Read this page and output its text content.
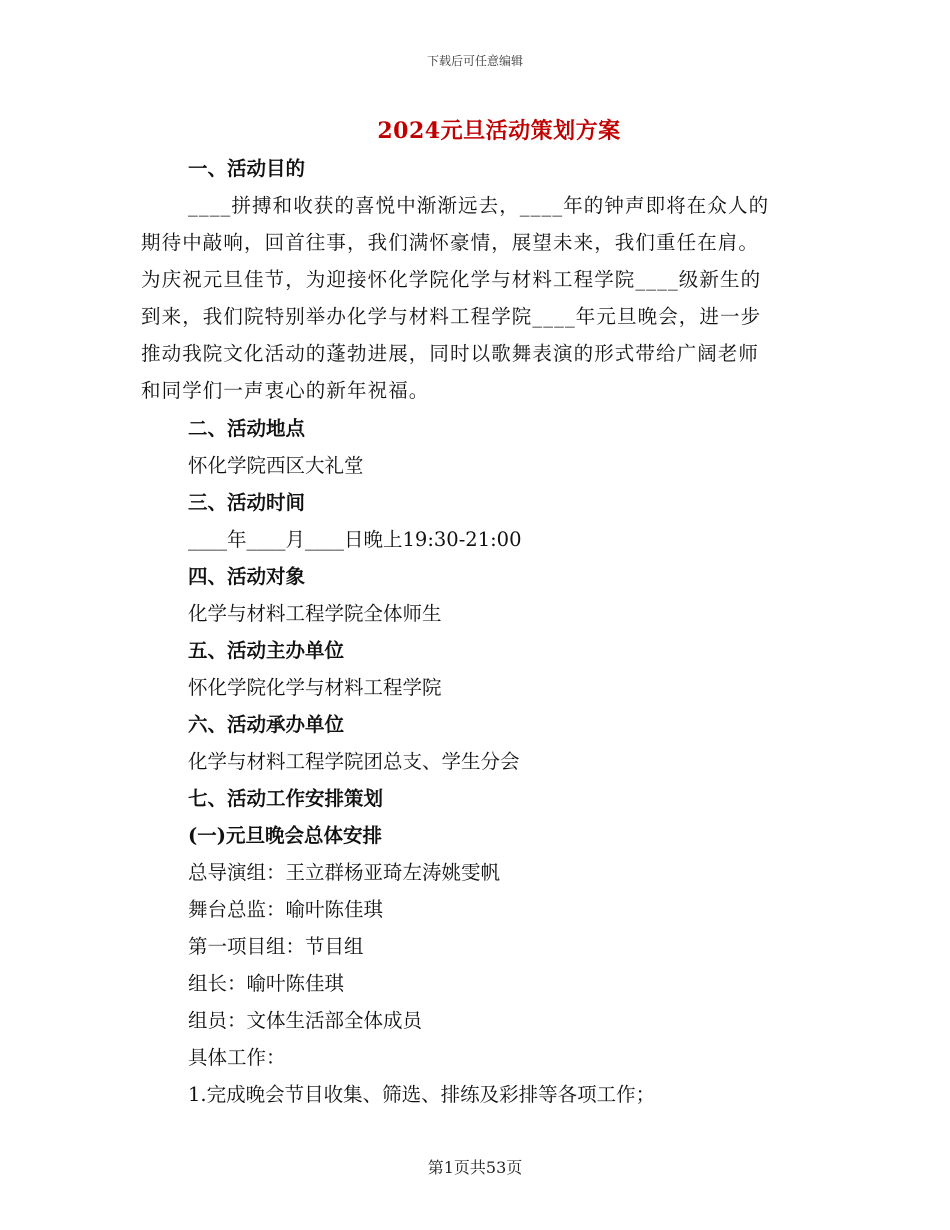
下载后可任意编辑
2024元旦活动策划方案
一、活动目的
____拼搏和收获的喜悦中渐渐远去，____年的钟声即将在众人的
期待中敲响，回首往事，我们满怀豪情，展望未来，我们重任在肩。
为庆祝元旦佳节，为迎接怀化学院化学与材料工程学院____级新生的
到来，我们院特别举办化学与材料工程学院____年元旦晚会，进一步
推动我院文化活动的蓬勃进展，同时以歌舞表演的形式带给广阔老师
和同学们一声衷心的新年祝福。
二、活动地点
怀化学院西区大礼堂
三、活动时间
____年____月____日晚上19:30-21:00
四、活动对象
化学与材料工程学院全体师生
五、活动主办单位
怀化学院化学与材料工程学院
六、活动承办单位
化学与材料工程学院团总支、学生分会
七、活动工作安排策划
(一)元旦晚会总体安排
总导演组：王立群杨亚琦左涛姚雯帆
舞台总监：喻叶陈佳琪
第一项目组：节目组
组长：喻叶陈佳琪
组员：文体生活部全体成员
具体工作：
1.完成晚会节目收集、筛选、排练及彩排等各项工作；
第1页共53页
